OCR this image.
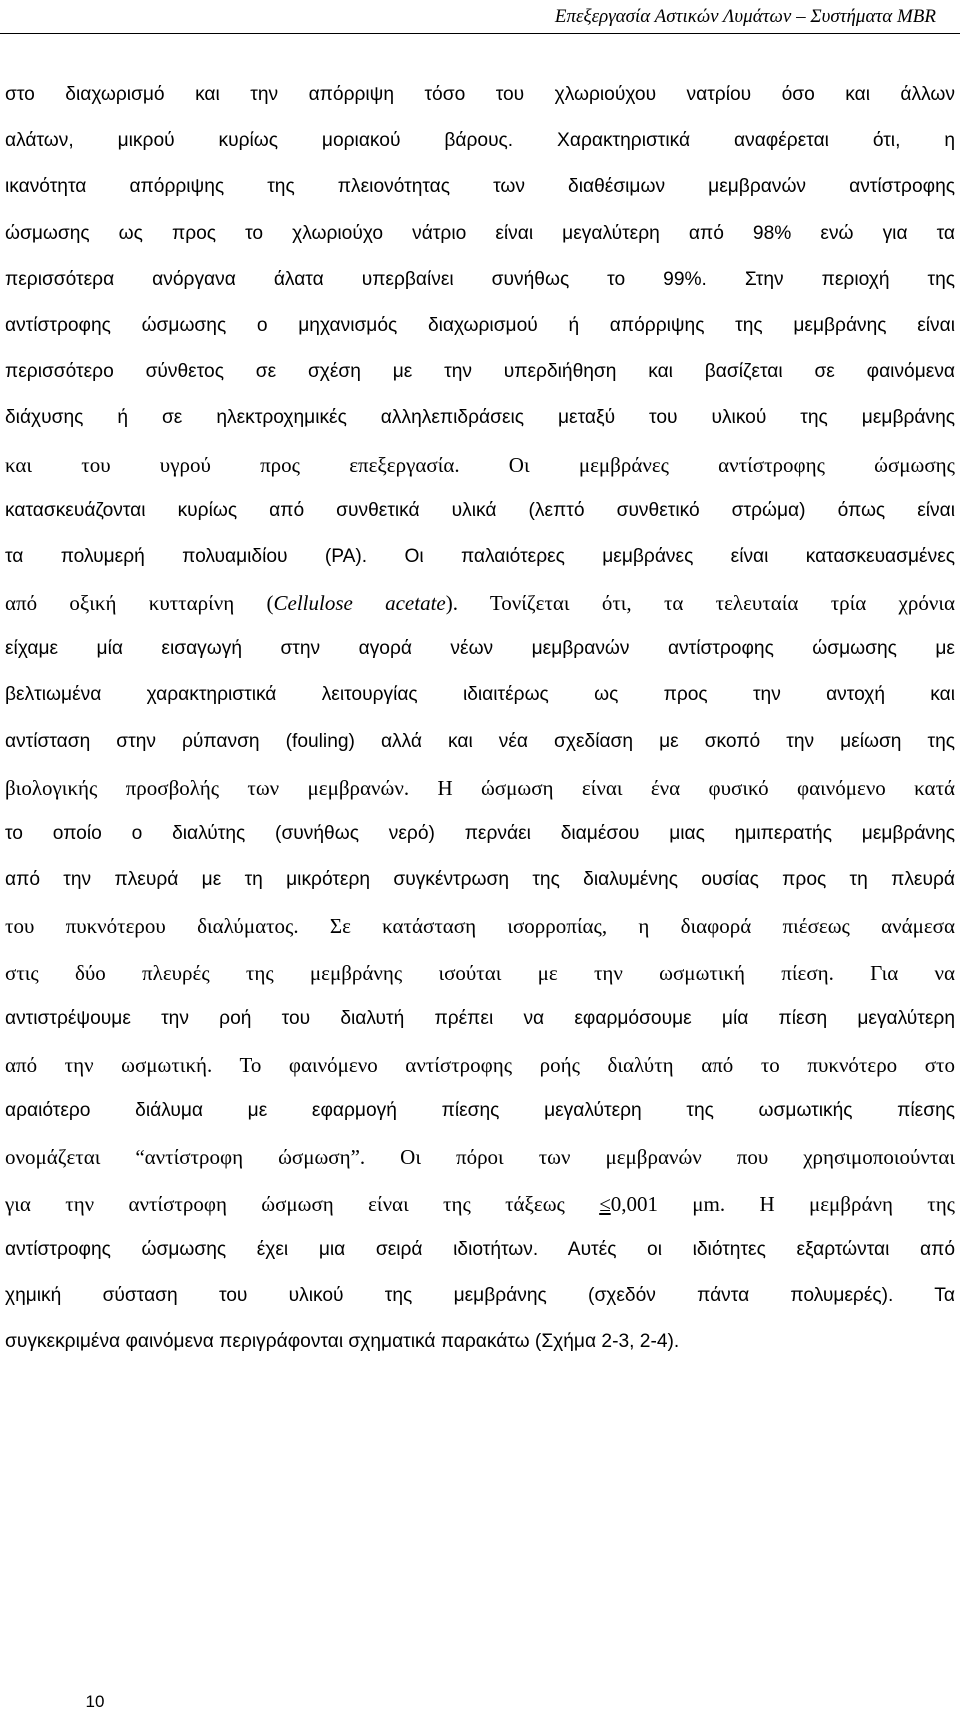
Επεξεργασία Αστικών Λυμάτων – Συστήματα MBR
στο διαχωρισμό και την απόρριψη τόσο του χλωριούχου νατρίου όσο και άλλων
αλάτων, μικρού κυρίως μοριακού βάρους. Χαρακτηριστικά αναφέρεται ότι, η
ικανότητα απόρριψης της πλειονότητας των διαθέσιμων μεμβρανών αντίστροφης
ώσμωσης ως προς το χλωριούχο νάτριο είναι μεγαλύτερη από 98% ενώ για τα
περισσότερα ανόργανα άλατα υπερβαίνει συνήθως το 99%. Στην περιοχή της
αντίστροφης ώσμωσης ο μηχανισμός διαχωρισμού ή απόρριψης της μεμβράνης είναι
περισσότερο σύνθετος σε σχέση με την υπερδιήθηση και βασίζεται σε φαινόμενα
διάχυσης ή σε ηλεκτροχημικές αλληλεπιδράσεις μεταξύ του υλικού της μεμβράνης
και του υγρού προς επεξεργασία. Οι μεμβράνες αντίστροφης ώσμωσης
κατασκευάζονται κυρίως από συνθετικά υλικά (λεπτό συνθετικό στρώμα) όπως είναι
τα πολυμερή πολυαμιδίου (PA). Οι παλαιότερες μεμβράνες είναι κατασκευασμένες
από οξική κυτταρίνη (Cellulose acetate). Τονίζεται ότι, τα τελευταία τρία χρόνια
είχαμε μία εισαγωγή στην αγορά νέων μεμβρανών αντίστροφης ώσμωσης με
βελτιωμένα χαρακτηριστικά λειτουργίας ιδιαιτέρως ως προς την αντοχή και
αντίσταση στην ρύπανση (fouling) αλλά και νέα σχεδίαση με σκοπό την μείωση της
βιολογικής προσβολής των μεμβρανών. Η ώσμωση είναι ένα φυσικό φαινόμενο κατά
το οποίο ο διαλύτης (συνήθως νερό) περνάει διαμέσου μιας ημιπερατής μεμβράνης
από την πλευρά με τη μικρότερη συγκέντρωση της διαλυμένης ουσίας προς τη πλευρά
του πυκνότερου διαλύματος. Σε κατάσταση ισορροπίας, η διαφορά πιέσεως ανάμεσα
στις δύο πλευρές της μεμβράνης ισούται με την ωσμωτική πίεση. Για να
αντιστρέψουμε την ροή του διαλυτή πρέπει να εφαρμόσουμε μία πίεση μεγαλύτερη
από την ωσμωτική. Το φαινόμενο αντίστροφης ροής διαλύτη από το πυκνότερο στο
αραιότερο διάλυμα με εφαρμογή πίεσης μεγαλύτερη της ωσμωτικής πίεσης
ονομάζεται “αντίστροφη ώσμωση”. Οι πόροι των μεμβρανών που χρησιμοποιούνται
για την αντίστροφη ώσμωση είναι της τάξεως ≤0,001 μm. Η μεμβράνη της
αντίστροφης ώσμωσης έχει μια σειρά ιδιοτήτων. Αυτές οι ιδιότητες εξαρτώνται από
χημική σύσταση του υλικού της μεμβράνης (σχεδόν πάντα πολυμερές). Τα
συγκεκριμένα φαινόμενα περιγράφονται σχηματικά παρακάτω (Σχήμα 2-3, 2-4).
10
